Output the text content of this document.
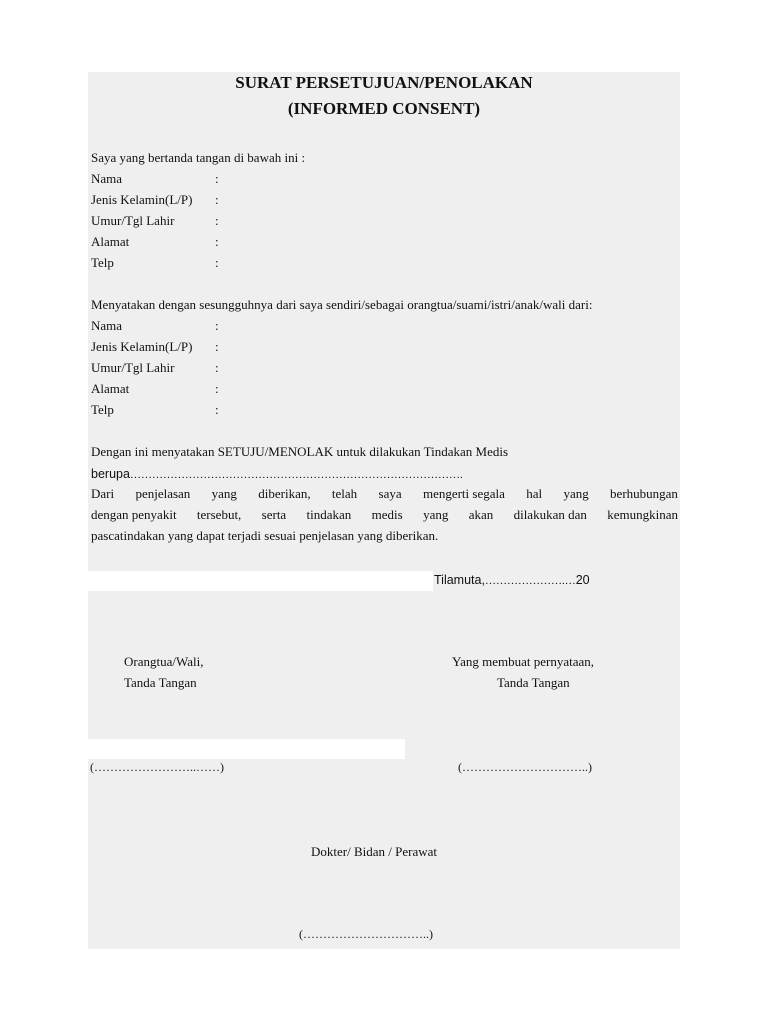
SURAT PERSETUJUAN/PENOLAKAN
(INFORMED CONSENT)
Saya yang bertanda tangan di bawah ini :
Nama	:
Jenis Kelamin(L/P) :
Umur/Tgl Lahir	:
Alamat	:
Telp	:
Menyatakan dengan sesungguhnya dari saya sendiri/sebagai orangtua/suami/istri/anak/wali dari:
Nama	:
Jenis Kelamin(L/P) :
Umur/Tgl Lahir	:
Alamat	:
Telp	:
Dengan ini menyatakan SETUJU/MENOLAK untuk dilakukan Tindakan Medis
berupa……………………………………………………………………………….
Dari penjelasan yang diberikan, telah saya mengerti segala hal yang berhubungan
dengan penyakit tersebut, serta tindakan medis yang akan dilakukan dan kemungkinan
pascatindakan yang dapat terjadi sesuai penjelasan yang diberikan.
Tilamuta,………………….…20
Orangtua/Wali,
Tanda Tangan
Yang membuat pernyataan,
Tanda Tangan
(……………………..……)	(…………………………..)
Dokter/ Bidan / Perawat
(…………………………..)
